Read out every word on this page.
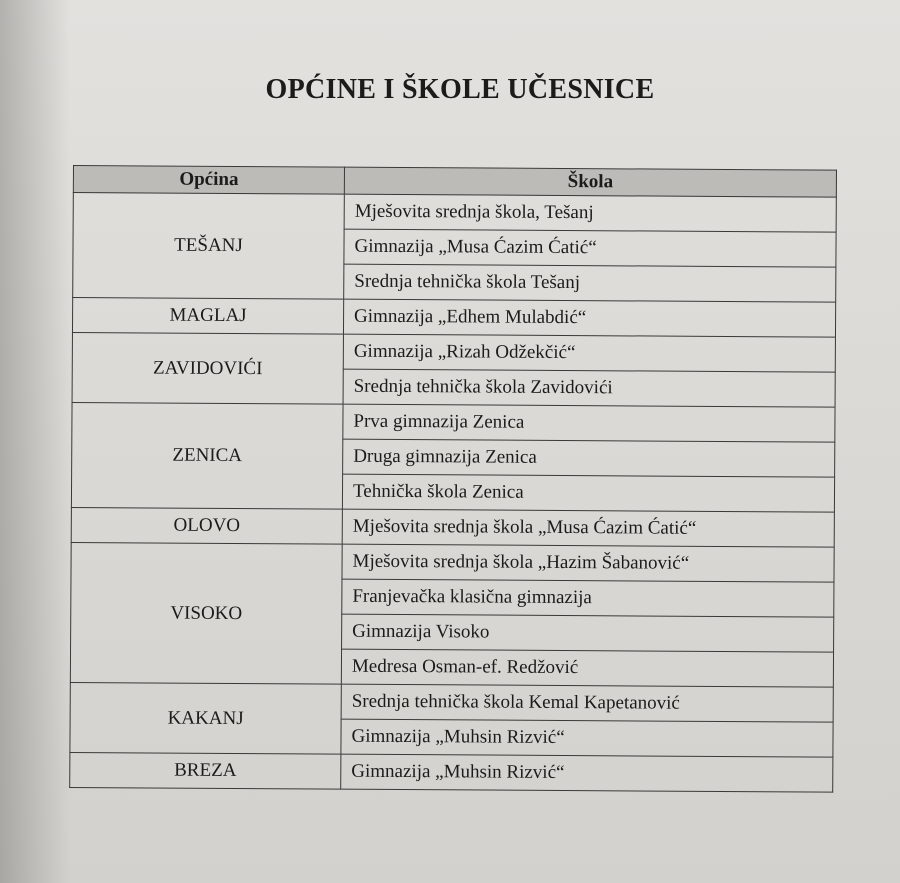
OPĆINE I ŠKOLE UČESNICE
Općina	Škola
TEŠANJ	Mješovita srednja škola, Tešanj
	Gimnazija „Musa Ćazim Ćatić“
	Srednja tehnička škola Tešanj
MAGLAJ	Gimnazija „Edhem Mulabdić“
ZAVIDOVIĆI	Gimnazija „Rizah Odžekčić“
	Srednja tehnička škola Zavidovići
ZENICA	Prva gimnazija Zenica
	Druga gimnazija Zenica
	Tehnička škola Zenica
OLOVO	Mješovita srednja škola „Musa Ćazim Ćatić“
VISOKO	Mješovita srednja škola „Hazim Šabanović“
	Franjevačka klasična gimnazija
	Gimnazija Visoko
	Medresa Osman-ef. Redžović
KAKANJ	Srednja tehnička škola Kemal Kapetanović
	Gimnazija „Muhsin Rizvić“
BREZA	Gimnazija „Muhsin Rizvić“
